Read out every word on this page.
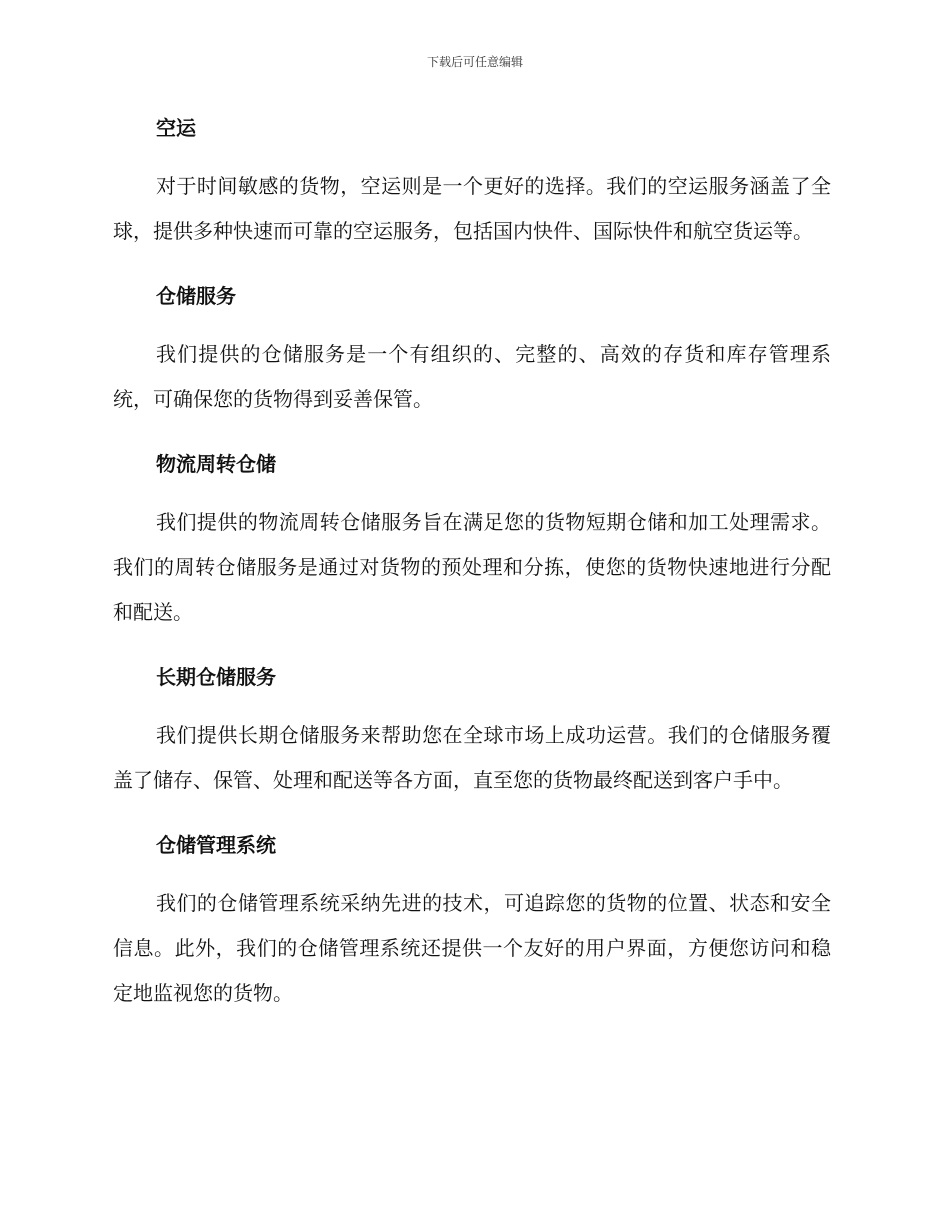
下载后可任意编辑
空运

对于时间敏感的货物，空运则是一个更好的选择。我们的空运服务涵盖了全球，提供多种快速而可靠的空运服务，包括国内快件、国际快件和航空货运等。

仓储服务

我们提供的仓储服务是一个有组织的、完整的、高效的存货和库存管理系统，可确保您的货物得到妥善保管。

物流周转仓储

我们提供的物流周转仓储服务旨在满足您的货物短期仓储和加工处理需求。我们的周转仓储服务是通过对货物的预处理和分拣，使您的货物快速地进行分配和配送。

长期仓储服务

我们提供长期仓储服务来帮助您在全球市场上成功运营。我们的仓储服务覆盖了储存、保管、处理和配送等各方面，直至您的货物最终配送到客户手中。

仓储管理系统

我们的仓储管理系统采纳先进的技术，可追踪您的货物的位置、状态和安全信息。此外，我们的仓储管理系统还提供一个友好的用户界面，方便您访问和稳定地监视您的货物。
